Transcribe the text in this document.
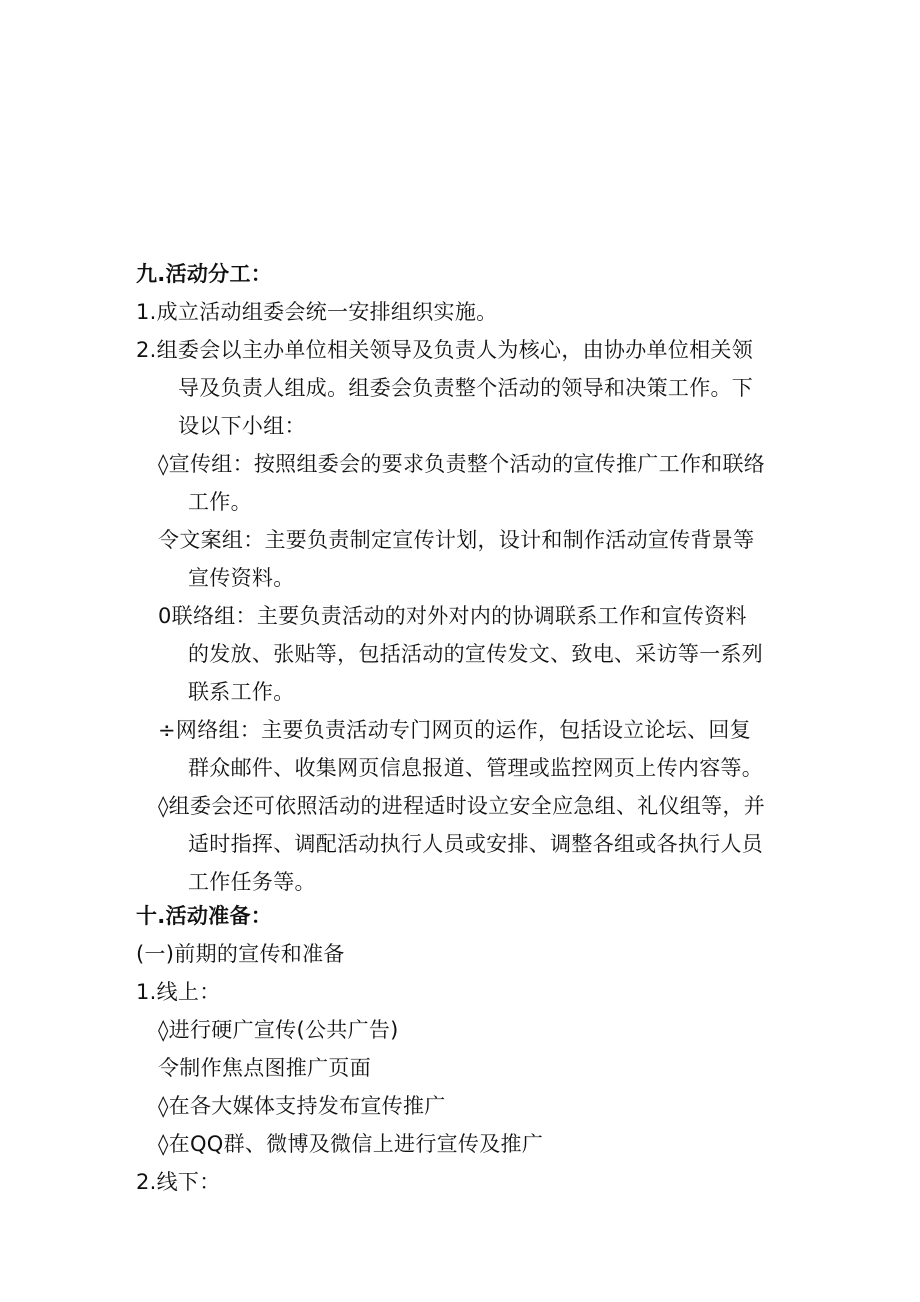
九.活动分工：
1.成立活动组委会统一安排组织实施。
2.组委会以主办单位相关领导及负责人为核心，由协办单位相关领
导及负责人组成。组委会负责整个活动的领导和决策工作。下
设以下小组：
◊宣传组：按照组委会的要求负责整个活动的宣传推广工作和联络
工作。
令文案组：主要负责制定宣传计划，设计和制作活动宣传背景等
宣传资料。
0联络组：主要负责活动的对外对内的协调联系工作和宣传资料
的发放、张贴等，包括活动的宣传发文、致电、采访等一系列
联系工作。
÷网络组：主要负责活动专门网页的运作，包括设立论坛、回复
群众邮件、收集网页信息报道、管理或监控网页上传内容等。
◊组委会还可依照活动的进程适时设立安全应急组、礼仪组等，并
适时指挥、调配活动执行人员或安排、调整各组或各执行人员
工作任务等。
十.活动准备：
(一)前期的宣传和准备
1.线上：
◊进行硬广宣传(公共广告)
令制作焦点图推广页面
◊在各大媒体支持发布宣传推广
◊在QQ群、微博及微信上进行宣传及推广
2.线下：
